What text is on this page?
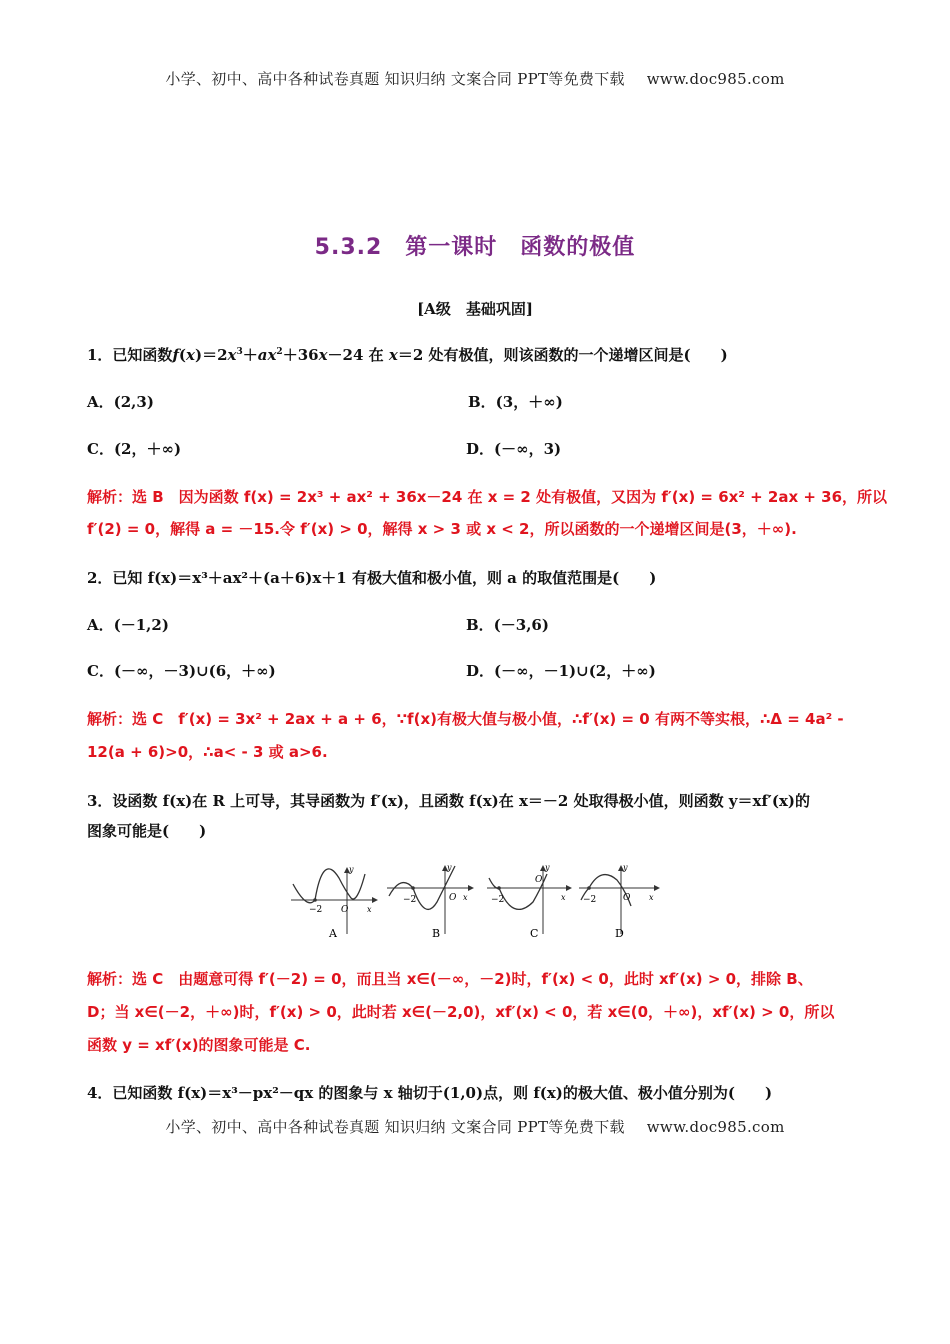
小学、初中、高中各种试卷真题 知识归纳 文案合同 PPT等免费下载 www.doc985.com
5.3.2　第一课时　函数的极值
[A级　基础巩固]
1．已知函数$f(x)=2x^3+ax^2+36x-24$ 在 x＝2 处有极值，则该函数的一个递增区间是(　　)
A．(2,3)	B．(3，＋∞)
C．(2，＋∞)	D．(－∞，3)
解析：选 B　因为函数 f(x) = 2x³ + ax² + 36x－24 在 x = 2 处有极值，又因为 f′(x) = 6x² + 2ax + 36，所以
f′(2) = 0，解得 a = －15.令 f′(x) > 0，解得 x > 3 或 x < 2，所以函数的一个递增区间是(3，＋∞).
2．已知 f(x)＝x³＋ax²＋(a＋6)x＋1 有极大值和极小值，则 a 的取值范围是(　　)
A．(－1,2)	B．(－3,6)
C．(－∞，－3)∪(6，＋∞)	D．(－∞，－1)∪(2，＋∞)
解析：选 C　f′(x) = 3x² + 2ax + a + 6，∵f(x)有极大值与极小值，∴f′(x) = 0 有两不等实根，∴Δ = 4a² -
12(a + 6)>0，∴a< - 3 或 a>6.
3．设函数 f(x)在 R 上可导，其导函数为 f′(x)，且函数 f(x)在 x＝－2 处取得极小值，则函数 y＝xf′(x)的
图象可能是(　　)
−2 O x
y
A
−2	O x
y
B
−2
O
x
y
C
−2	O x
y
D
解析：选 C　由题意可得 f′(－2) = 0，而且当 x∈(－∞，－2)时，f′(x) < 0，此时 xf′(x) > 0，排除 B、
D；当 x∈(－2，＋∞)时，f′(x) > 0，此时若 x∈(－2,0)，xf′(x) < 0，若 x∈(0，＋∞)，xf′(x) > 0，所以
函数 y = xf′(x)的图象可能是 C.
4．已知函数 f(x)＝x³－px²－qx 的图象与 x 轴切于(1,0)点，则 f(x)的极大值、极小值分别为(　　)
小学、初中、高中各种试卷真题 知识归纳 文案合同 PPT等免费下载 www.doc985.com
